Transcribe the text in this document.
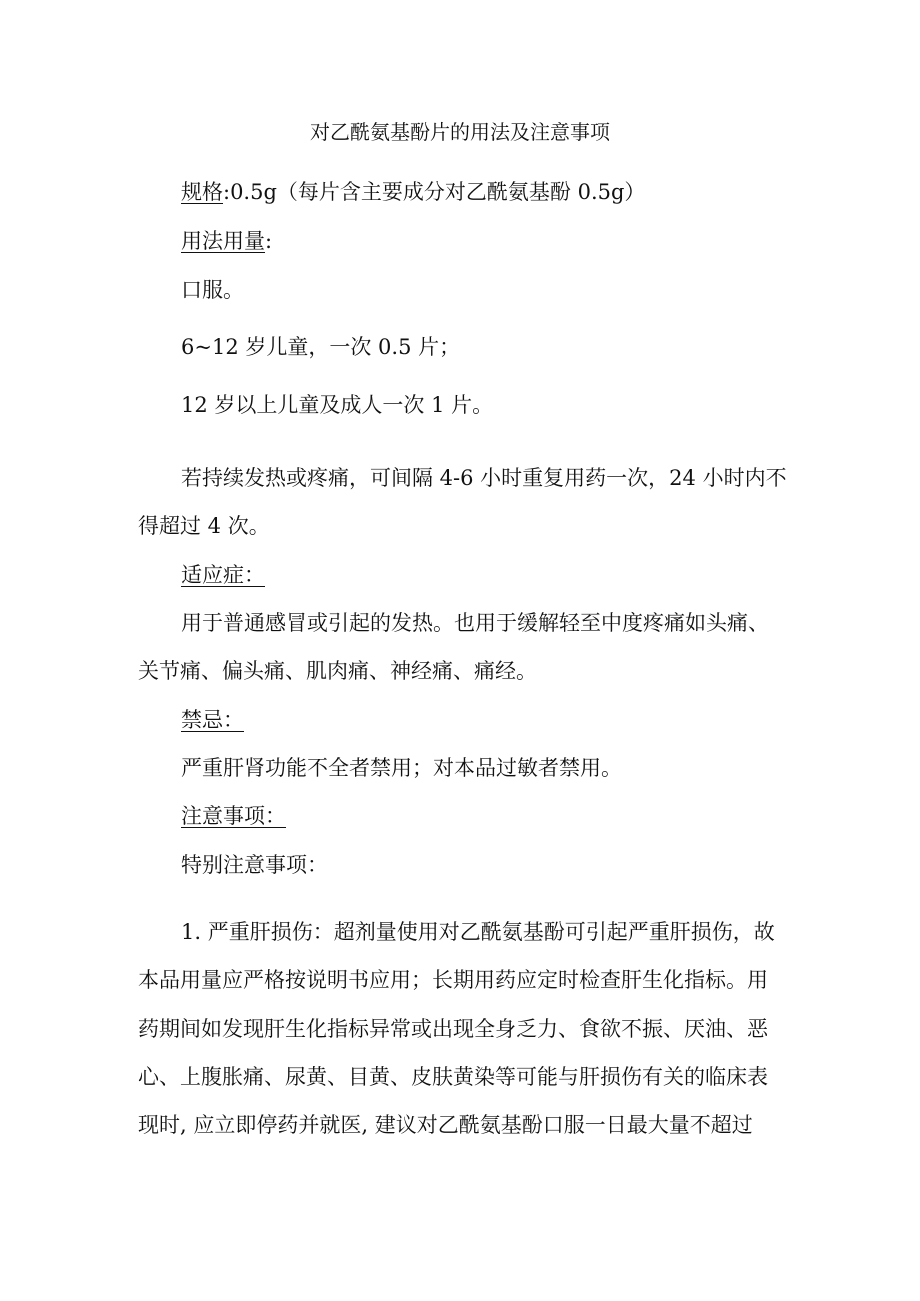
对乙酰氨基酚片的用法及注意事项

规格:0.5g（每片含主要成分对乙酰氨基酚 0.5g）

用法用量:

口服。

6~12 岁儿童，一次 0.5 片；

12 岁以上儿童及成人一次 1 片。

若持续发热或疼痛，可间隔 4-6 小时重复用药一次，24 小时内不

得超过 4 次。

适应症：

用于普通感冒或引起的发热。也用于缓解轻至中度疼痛如头痛、

关节痛、偏头痛、肌肉痛、神经痛、痛经。

禁忌：

严重肝肾功能不全者禁用；对本品过敏者禁用。

注意事项：

特别注意事项：

1. 严重肝损伤：超剂量使用对乙酰氨基酚可引起严重肝损伤，故

本品用量应严格按说明书应用；长期用药应定时检查肝生化指标。用

药期间如发现肝生化指标异常或出现全身乏力、食欲不振、厌油、恶

心、上腹胀痛、尿黄、目黄、皮肤黄染等可能与肝损伤有关的临床表

现时, 应立即停药并就医, 建议对乙酰氨基酚口服一日最大量不超过
